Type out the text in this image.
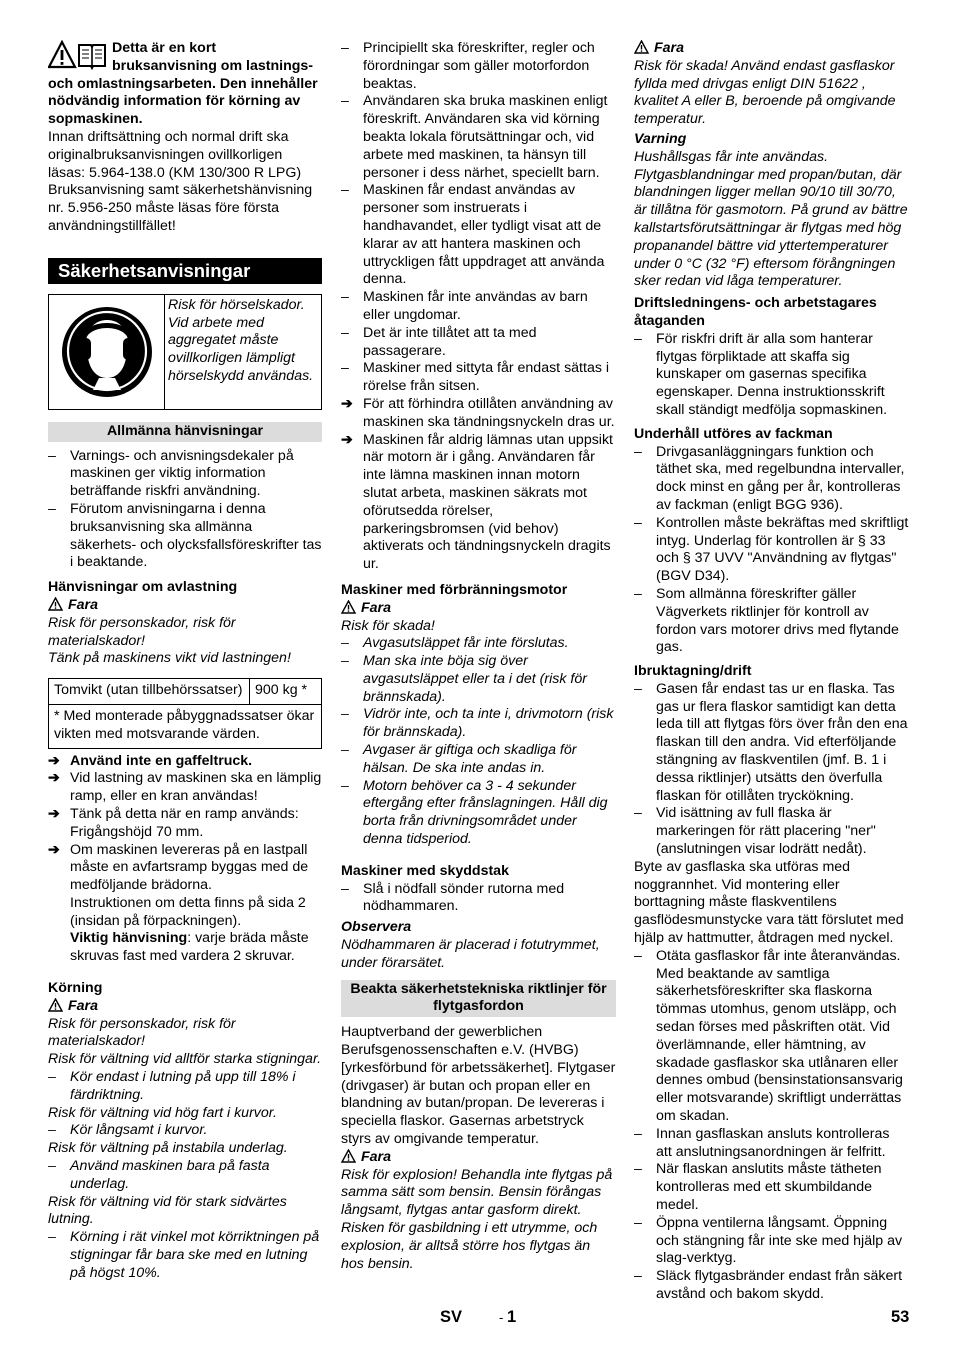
Detta är en kort bruksanvisning om lastnings- och omlastningsarbeten. Den innehåller nödvändig information för körning av sopmaskinen.

Innan driftsättning och normal drift ska originalbruksanvisningen ovillkorligen läsas: 5.964-138.0 (KM 130/300 R LPG)

Bruksanvisning samt säkerhetshänvisning nr. 5.956-250 måste läsas före första användningstillfället!

Säkerhetsanvisningar
Risk för hörselskador. Vid arbete med aggregatet måste ovillkorligen lämpligt hörselskydd användas.
Allmänna hänvisningar

– Varnings- och anvisningsdekaler på maskinen ger viktig information beträffande riskfri användning.

– Förutom anvisningarna i denna bruksanvisning ska allmänna säkerhets- och olycksfallsföreskrifter tas i beaktande.

Hänvisningar om avlastning

Fara

Risk för personskador, risk för materialskador!

Tänk på maskinens vikt vid lastningen!

Tomvikt (utan tillbehörssatser)	900 kg *
* Med monterade påbyggnadssatser ökar vikten med motsvarande värden.

➔ Använd inte en gaffeltruck.

➔ Vid lastning av maskinen ska en lämplig ramp, eller en kran användas!

➔ Tänk på detta när en ramp används: Frigångshöjd 70 mm.

➔ Om maskinen levereras på en lastpall måste en avfartsramp byggas med de medföljande brädorna.

Instruktionen om detta finns på sida 2 (insidan på förpackningen).

Viktig hänvisning: varje bräda måste skruvas fast med vardera 2 skruvar.

Körning

Fara

Risk för personskador, risk för materialskador!

Risk för vältning vid alltför starka stigningar.

– Kör endast i lutning på upp till 18% i färdriktning.

Risk för vältning vid hög fart i kurvor.

– Kör långsamt i kurvor.

Risk för vältning på instabila underlag.

– Använd maskinen bara på fasta underlag.

Risk för vältning vid för stark sidvärtes lutning.

– Körning i rät vinkel mot körriktningen på stigningar får bara ske med en lutning på högst 10%.

– Principiellt ska föreskrifter, regler och förordningar som gäller motorfordon beaktas.

– Användaren ska bruka maskinen enligt föreskrift. Användaren ska vid körning beakta lokala förutsättningar och, vid arbete med maskinen, ta hänsyn till personer i dess närhet, speciellt barn.

– Maskinen får endast användas av personer som instruerats i handhavandet, eller tydligt visat att de klarar av att hantera maskinen och uttryckligen fått uppdraget att använda denna.

– Maskinen får inte användas av barn eller ungdomar.

– Det är inte tillåtet att ta med passagerare.

– Maskiner med sittyta får endast sättas i rörelse från sitsen.

➔ För att förhindra otillåten användning av maskinen ska tändningsnyckeln dras ur.

➔ Maskinen får aldrig lämnas utan uppsikt när motorn är i gång. Användaren får inte lämna maskinen innan motorn slutat arbeta, maskinen säkrats mot oförutsedda rörelser, parkeringsbromsen (vid behov) aktiverats och tändningsnyckeln dragits ur.

Maskiner med förbränningsmotor

Fara

Risk för skada!

– Avgasutsläppet får inte förslutas.

– Man ska inte böja sig över avgasutsläppet eller ta i det (risk för brännskada).

– Vidrör inte, och ta inte i, drivmotorn (risk för brännskada).

– Avgaser är giftiga och skadliga för hälsan. De ska inte andas in.

– Motorn behöver ca 3 - 4 sekunder eftergång efter frånslagningen. Håll dig borta från drivningsområdet under denna tidsperiod.

Maskiner med skyddstak

– Slå i nödfall sönder rutorna med nödhammaren.

Observera

Nödhammaren är placerad i fotutrymmet, under förarsätet.

Beakta säkerhetstekniska riktlinjer för flytgasfordon

Hauptverband der gewerblichen Berufsgenossenschaften e.V. (HVBG) [yrkesförbund för arbetssäkerhet]. Flytgaser (drivgaser) är butan och propan eller en blandning av butan/propan. De levereras i speciella flaskor. Gasernas arbetstryck styrs av omgivande temperatur.

Fara

Risk för explosion! Behandla inte flytgas på samma sätt som bensin. Bensin förångas långsamt, flytgas antar gasform direkt. Risken för gasbildning i ett utrymme, och explosion, är alltså större hos flytgas än hos bensin.

Fara

Risk för skada! Använd endast gasflaskor fyllda med drivgas enligt DIN 51622 , kvalitet A eller B, beroende på omgivande temperatur.

Varning

Hushållsgas får inte användas. Flytgasblandningar med propan/butan, där blandningen ligger mellan 90/10 till 30/70, är tillåtna för gasmotorn. På grund av bättre kallstartsförutsättningar är flytgas med hög propanandel bättre vid yttertemperaturer under 0 °C (32 °F) eftersom förångningen sker redan vid låga temperaturer.

Driftsledningens- och arbetstagares åtaganden

– För riskfri drift är alla som hanterar flytgas förpliktade att skaffa sig kunskaper om gasernas specifika egenskaper. Denna instruktionsskrift skall ständigt medfölja sopmaskinen.

Underhåll utföres av fackman

– Drivgasanläggningars funktion och täthet ska, med regelbundna intervaller, dock minst en gång per år, kontrolleras av fackman (enligt BGG 936).

– Kontrollen måste bekräftas med skriftligt intyg. Underlag för kontrollen är § 33 och § 37 UVV "Användning av flytgas" (BGV D34).

– Som allmänna föreskrifter gäller Vägverkets riktlinjer för kontroll av fordon vars motorer drivs med flytande gas.

Ibruktagning/drift

– Gasen får endast tas ur en flaska. Tas gas ur flera flaskor samtidigt kan detta leda till att flytgas förs över från den ena flaskan till den andra. Vid efterföljande stängning av flaskventilen (jmf. B. 1 i dessa riktlinjer) utsätts den överfulla flaskan för otillåten tryckökning.

– Vid isättning av full flaska är markeringen för rätt placering "ner" (anslutningen visar lodrätt nedåt).

Byte av gasflaska ska utföras med noggrannhet. Vid montering eller borttagning måste flaskventilens gasflödesmunstycke vara tätt förslutet med hjälp av hattmutter, åtdragen med nyckel.

– Otäta gasflaskor får inte återanvändas. Med beaktande av samtliga säkerhetsföreskrifter ska flaskorna tömmas utomhus, genom utsläpp, och sedan förses med påskriften otät. Vid överlämnande, eller hämtning, av skadade gasflaskor ska utlånaren eller dennes ombud (bensinstationsansvarig eller motsvarande) skriftligt underrättas om skadan.

– Innan gasflaskan ansluts kontrolleras att anslutningsanordningen är felfritt.

– När flaskan anslutits måste tätheten kontrolleras med ett skumbildande medel.

– Öppna ventilerna långsamt. Öppning och stängning får inte ske med hjälp av slag-verktyg.

– Släck flytgasbränder endast från säkert avstånd och bakom skydd.

SV	- 1	53
